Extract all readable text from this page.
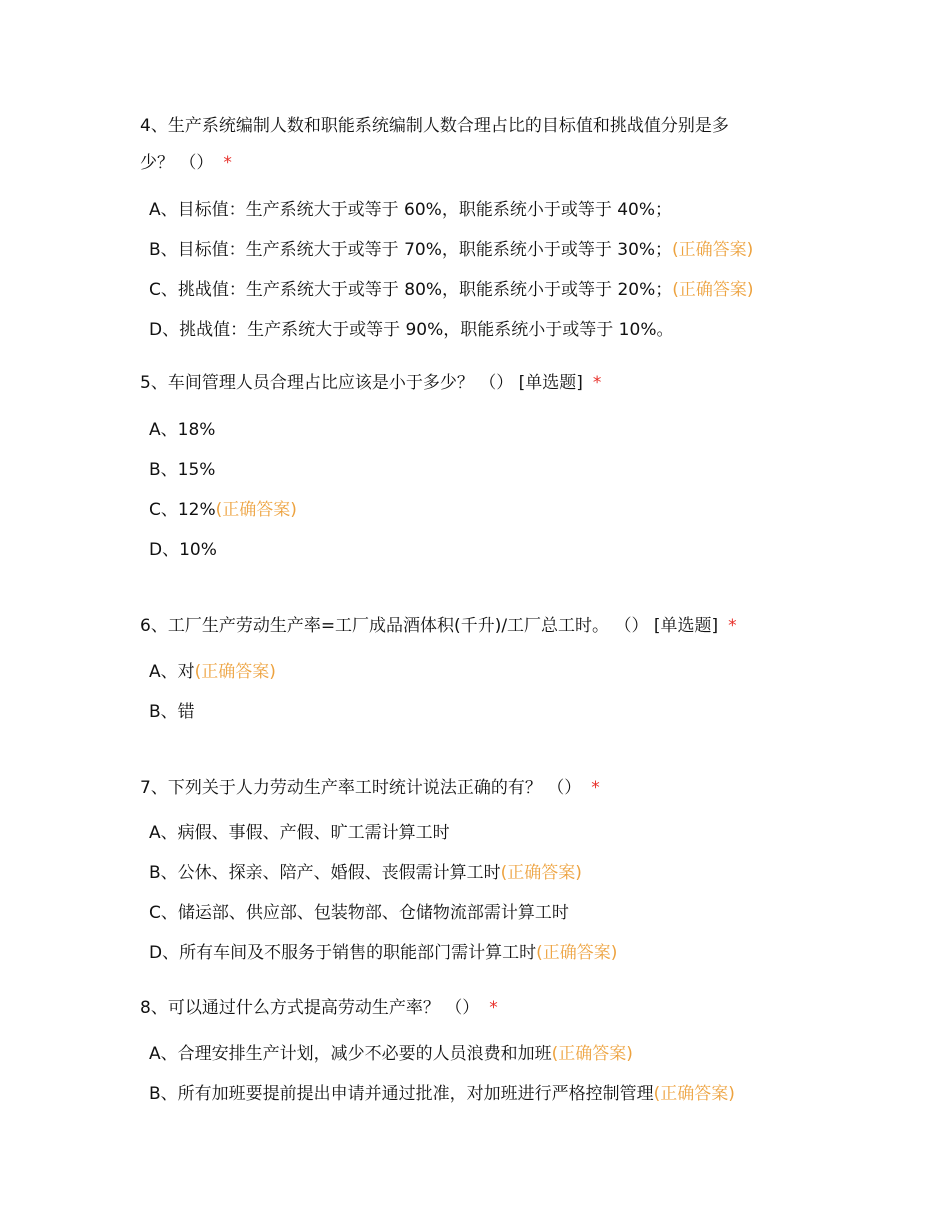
4、生产系统编制人数和职能系统编制人数合理占比的目标值和挑战值分别是多
少？ （） *
A、目标值：生产系统大于或等于 60%，职能系统小于或等于 40%；
B、目标值：生产系统大于或等于 70%，职能系统小于或等于 30%；(正确答案)
C、挑战值：生产系统大于或等于 80%，职能系统小于或等于 20%；(正确答案)
D、挑战值：生产系统大于或等于 90%，职能系统小于或等于 10%。
5、车间管理人员合理占比应该是小于多少？ （） [单选题] *
A、18%
B、15%
C、12%(正确答案)
D、10%
6、工厂生产劳动生产率=工厂成品酒体积(千升)/工厂总工时。 （） [单选题] *
A、对(正确答案)
B、错
7、下列关于人力劳动生产率工时统计说法正确的有？ （） *
A、病假、事假、产假、旷工需计算工时
B、公休、探亲、陪产、婚假、丧假需计算工时(正确答案)
C、储运部、供应部、包装物部、仓储物流部需计算工时
D、所有车间及不服务于销售的职能部门需计算工时(正确答案)
8、可以通过什么方式提高劳动生产率？ （） *
A、合理安排生产计划，减少不必要的人员浪费和加班(正确答案)
B、所有加班要提前提出申请并通过批准，对加班进行严格控制管理(正确答案)
